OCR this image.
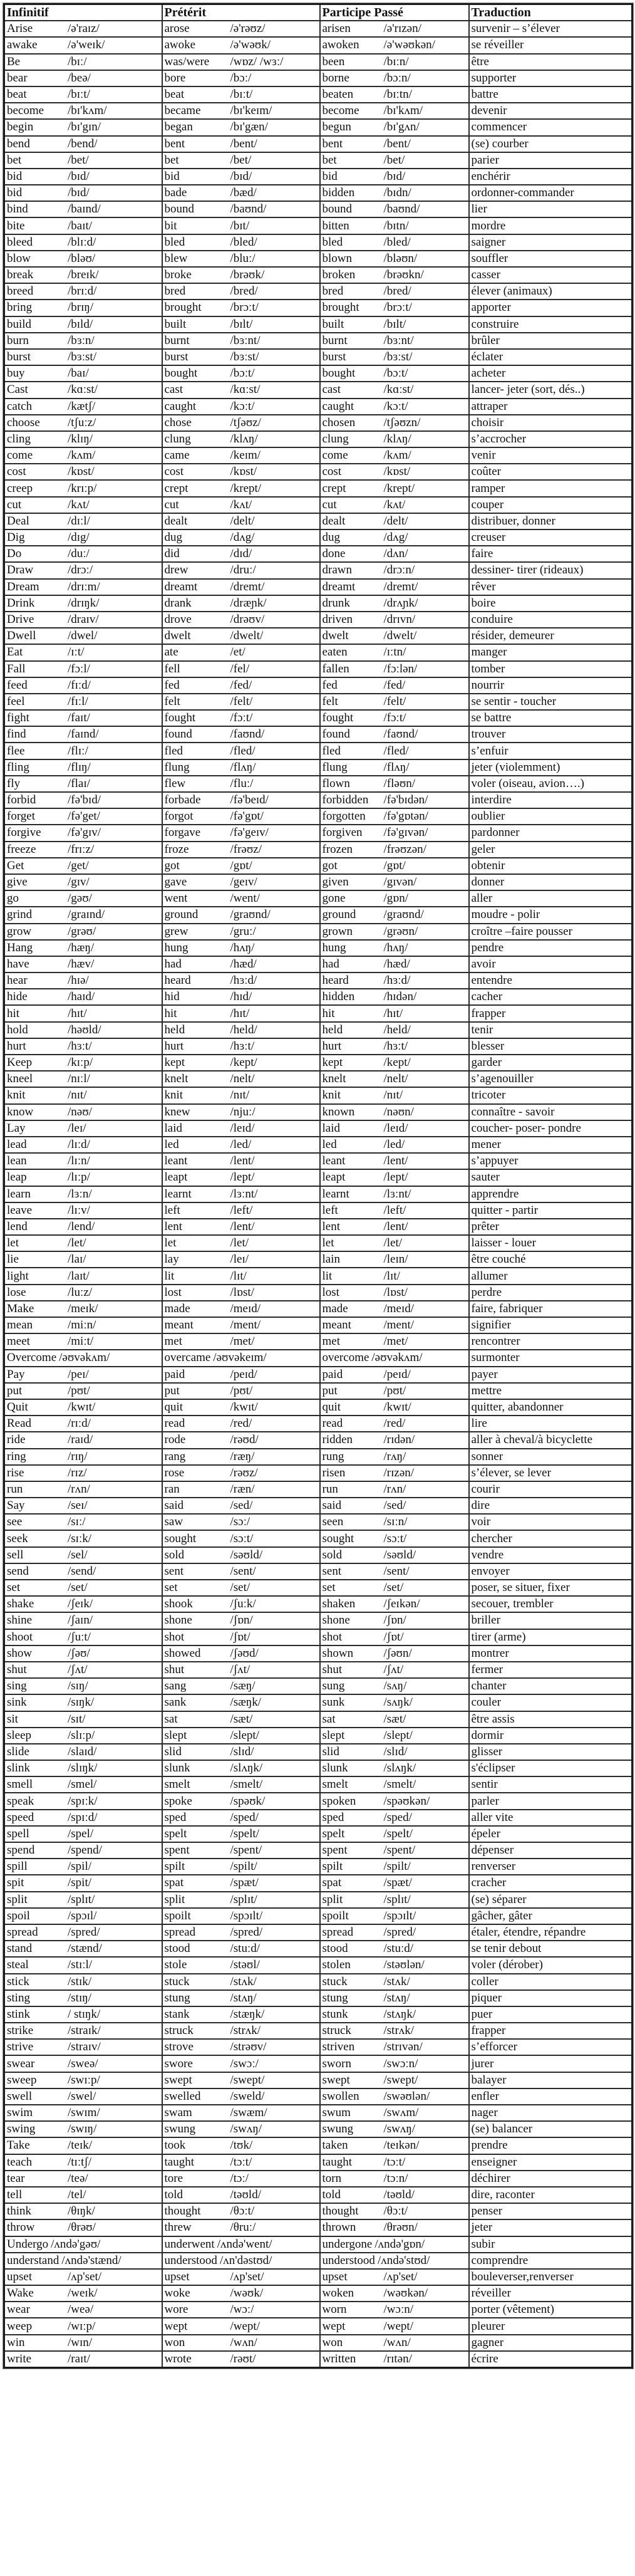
Infinitif	Prétérit	Participe Passé	Traduction

Arise /ə'raɪz/	arose /ə'rəʊz/	arisen /ə'rɪzən/	survenir – s’élever

awake /ə'weɪk/	awoke /ə'wəʊk/	awoken /ə'wəʊkən/	se réveiller

Be /bɪː/	was/were /wɒz/ /wɜː/	been /bɪːn/	être

bear /beə/	bore /bɔː/	borne /bɔːn/	supporter

beat /bɪːt/	beat /bɪːt/	beaten /bɪːtn/	battre

become /bɪ'kʌm/	became /bɪ'keɪm/	become /bɪ'kʌm/	devenir

begin /bɪ'gɪn/	began /bɪ'gæn/	begun /bɪ'gʌn/	commencer

bend /bend/	bent /bent/	bent /bent/	(se) courber

bet /bet/	bet /bet/	bet /bet/	parier

bid /bɪd/	bid /bɪd/	bid /bɪd/	enchérir

bid /bɪd/	bade /bæd/	bidden /bɪdn/	ordonner-commander

bind /baɪnd/	bound /baʊnd/	bound /baʊnd/	lier

bite /baɪt/	bit /bɪt/	bitten /bɪtn/	mordre

bleed /blɪːd/	bled /bled/	bled /bled/	saigner

blow /bləʊ/	blew /bluː/	blown /bləʊn/	souffler

break /breɪk/	broke /brəʊk/	broken /brəʊkn/	casser

breed /brɪːd/	bred /bred/	bred /bred/	élever (animaux)

bring /brɪŋ/	brought /brɔːt/	brought /brɔːt/	apporter

build /bɪld/	built /bɪlt/	built /bɪlt/	construire

burn /bɜːn/	burnt /bɜːnt/	burnt /bɜːnt/	brûler

burst /bɜːst/	burst /bɜːst/	burst /bɜːst/	éclater

buy /baɪ/	bought /bɔːt/	bought /bɔːt/	acheter

Cast /kɑːst/	cast /kɑːst/	cast /kɑːst/	lancer- jeter (sort, dés..)

catch /kætʃ/	caught /kɔːt/	caught /kɔːt/	attraper

choose /tʃuːz/	chose /tʃəʊz/	chosen /tʃəʊzn/	choisir

cling /klɪŋ/	clung /klʌŋ/	clung /klʌŋ/	s’accrocher

come /kʌm/	came /keɪm/	come /kʌm/	venir

cost /kɒst/	cost /kɒst/	cost /kɒst/	coûter

creep /krɪːp/	crept /krept/	crept /krept/	ramper

cut /kʌt/	cut /kʌt/	cut /kʌt/	couper

Deal /dɪːl/	dealt /delt/	dealt /delt/	distribuer, donner

Dig /dɪg/	dug /dʌg/	dug /dʌg/	creuser

Do /duː/	did /dɪd/	done /dʌn/	faire

Draw /drɔː/	drew /druː/	drawn /drɔːn/	dessiner- tirer (rideaux)

Dream /drɪːm/	dreamt /dremt/	dreamt /dremt/	rêver

Drink /drɪŋk/	drank /dræɲk/	drunk /drʌɲk/	boire

Drive /draɪv/	drove /drəʊv/	driven /drɪvn/	conduire

Dwell /dwel/	dwelt /dwelt/	dwelt /dwelt/	résider, demeurer

Eat /ɪːt/	ate /et/	eaten /ɪːtn/	manger

Fall /fɔːl/	fell /fel/	fallen /fɔːlən/	tomber

feed /fɪːd/	fed /fed/	fed /fed/	nourrir

feel /fɪːl/	felt /felt/	felt /felt/	se sentir - toucher

fight /faɪt/	fought /fɔːt/	fought /fɔːt/	se battre

find /faɪnd/	found /faʊnd/	found /faʊnd/	trouver

flee /flɪː/	fled /fled/	fled /fled/	s’enfuir

fling /flɪŋ/	flung /flʌŋ/	flung /flʌŋ/	jeter (violemment)

fly /flaɪ/	flew /fluː/	flown /fləʊn/	voler (oiseau, avion….)

forbid /fə'bɪd/	forbade /fə'beɪd/	forbidden /fə'bɪdən/	interdire

forget /fə'get/	forgot /fə'gɒt/	forgotten /fə'gɒtən/	oublier

forgive /fə'gɪv/	forgave /fə'geɪv/	forgiven /fə'gɪvən/	pardonner

freeze /frɪːz/	froze /frəʊz/	frozen /frəʊzən/	geler

Get /get/	got /gɒt/	got /gɒt/	obtenir

give /gɪv/	gave /geɪv/	given /gɪvən/	donner

go /gəʊ/	went /went/	gone /gɒn/	aller

grind /graɪnd/	ground /graʊnd/	ground /graʊnd/	moudre - polir

grow /grəʊ/	grew /gruː/	grown /grəʊn/	croître –faire pousser

Hang /hæŋ/	hung /hʌŋ/	hung /hʌŋ/	pendre

have /hæv/	had /hæd/	had /hæd/	avoir

hear /hɪə/	heard /hɜːd/	heard /hɜːd/	entendre

hide /haɪd/	hid /hɪd/	hidden /hɪdən/	cacher

hit /hɪt/	hit /hɪt/	hit /hɪt/	frapper

hold /həʊld/	held /held/	held /held/	tenir

hurt /hɜːt/	hurt /hɜːt/	hurt /hɜːt/	blesser

Keep /kɪːp/	kept /kept/	kept /kept/	garder

kneel /nɪːl/	knelt /nelt/	knelt /nelt/	s’agenouiller

knit /nɪt/	knit /nɪt/	knit /nɪt/	tricoter

know /nəʊ/	knew /njuː/	known /nəʊn/	connaître - savoir

Lay /leɪ/	laid /leɪd/	laid /leɪd/	coucher- poser- pondre

lead /lɪːd/	led /led/	led /led/	mener

lean /lɪːn/	leant /lent/	leant /lent/	s’appuyer

leap /lɪːp/	leapt /lept/	leapt /lept/	sauter

learn /lɜːn/	learnt /lɜːnt/	learnt /lɜːnt/	apprendre

leave /lɪːv/	left /left/	left /left/	quitter - partir

lend /lend/	lent /lent/	lent /lent/	prêter

let /let/	let /let/	let /let/	laisser - louer

lie /laɪ/	lay /leɪ/	lain /leɪn/	être couché

light /laɪt/	lit /lɪt/	lit /lɪt/	allumer

lose /luːz/	lost /lɒst/	lost /lɒst/	perdre

Make /meɪk/	made /meɪd/	made /meɪd/	faire, fabriquer

mean /miːn/	meant /ment/	meant /ment/	signifier

meet /miːt/	met /met/	met /met/	rencontrer

Overcome /əʊvəkʌm/	overcame /əʊvəkeɪm/	overcome /əʊvəkʌm/	surmonter

Pay /peɪ/	paid /peɪd/	paid /peɪd/	payer

put /pʊt/	put /pʊt/	put /pʊt/	mettre

Quit /kwɪt/	quit /kwɪt/	quit /kwɪt/	quitter, abandonner

Read /rɪːd/	read /red/	read /red/	lire

ride /raɪd/	rode /rəʊd/	ridden /rɪdən/	aller à cheval/à bicyclette

ring /rɪŋ/	rang /ræŋ/	rung /rʌŋ/	sonner

rise /rɪz/	rose /rəʊz/	risen /rɪzən/	s’élever, se lever

run /rʌn/	ran /ræn/	run /rʌn/	courir

Say /seɪ/	said /sed/	said /sed/	dire

see /sɪː/	saw /sɔː/	seen /sɪːn/	voir

seek /sɪːk/	sought /sɔːt/	sought /sɔːt/	chercher

sell /sel/	sold /səʊld/	sold /səʊld/	vendre

send /send/	sent /sent/	sent /sent/	envoyer

set /set/	set /set/	set /set/	poser, se situer, fixer

shake /ʃeɪk/	shook /ʃuːk/	shaken /ʃeɪkən/	secouer, trembler

shine /ʃaɪn/	shone /ʃɒn/	shone /ʃɒn/	briller

shoot /ʃuːt/	shot /ʃɒt/	shot /ʃɒt/	tirer (arme)

show /ʃəʊ/	showed /ʃəʊd/	shown /ʃəʊn/	montrer

shut /ʃʌt/	shut /ʃʌt/	shut /ʃʌt/	fermer

sing /sɪŋ/	sang /sæŋ/	sung /sʌŋ/	chanter

sink /sɪŋk/	sank /sæŋk/	sunk /sʌŋk/	couler

sit /sɪt/	sat /sæt/	sat /sæt/	être assis

sleep /slɪːp/	slept /slept/	slept /slept/	dormir

slide /slaɪd/	slid /slɪd/	slid /slɪd/	glisser

slink /slɪŋk/	slunk /slʌŋk/	slunk /slʌŋk/	s'éclipser

smell /smel/	smelt /smelt/	smelt /smelt/	sentir

speak /spɪːk/	spoke /spəʊk/	spoken /spəʊkən/	parler

speed /spɪːd/	sped /sped/	sped /sped/	aller vite

spell /spel/	spelt /spelt/	spelt /spelt/	épeler

spend /spend/	spent /spent/	spent /spent/	dépenser

spill /spil/	spilt /spilt/	spilt /spilt/	renverser

spit /spit/	spat /spæt/	spat /spæt/	cracher

split /splɪt/	split /splɪt/	split /splɪt/	(se) séparer

spoil /spɔɪl/	spoilt /spɔɪlt/	spoilt /spɔɪlt/	gâcher, gâter

spread /spred/	spread /spred/	spread /spred/	étaler, étendre, répandre

stand /stænd/	stood /stuːd/	stood /stuːd/	se tenir debout

steal /stɪːl/	stole /stəʊl/	stolen /stəʊlən/	voler (dérober)

stick /stɪk/	stuck /stʌk/	stuck /stʌk/	coller

sting /stɪŋ/	stung /stʌŋ/	stung /stʌŋ/	piquer

stink / stɪŋk/	stank /stæŋk/	stunk /stʌŋk/	puer

strike /straɪk/	struck /strʌk/	struck /strʌk/	frapper

strive /straɪv/	strove /strəʊv/	striven /strɪvən/	s’efforcer

swear /sweə/	swore /swɔː/	sworn /swɔːn/	jurer

sweep /swɪːp/	swept /swept/	swept /swept/	balayer

swell /swel/	swelled /sweld/	swollen /swəʊlən/	enfler

swim /swɪm/	swam /swæm/	swum /swʌm/	nager

swing /swɪŋ/	swung /swʌŋ/	swung /swʌŋ/	(se) balancer

Take /teɪk/	took /tʊk/	taken /teɪkən/	prendre

teach /tɪːtʃ/	taught /tɔːt/	taught /tɔːt/	enseigner

tear /teə/	tore /tɔː/	torn /tɔːn/	déchirer

tell /tel/	told /təʊld/	told /təʊld/	dire, raconter

think /θɪŋk/	thought /θɔːt/	thought /θɔːt/	penser

throw /θrəʊ/	threw /θruː/	thrown /θrəʊn/	jeter

Undergo /ʌndə'gəʊ/	underwent /ʌndə'went/	undergone /ʌndə'gɒn/	subir

understand /ʌndə'stænd/	understood /ʌn'dəstʊd/	understood /ʌndə'stʊd/	comprendre

upset /ʌp'set/	upset /ʌp'set/	upset /ʌp'set/	bouleverser,renverser

Wake /weɪk/	woke /wəʊk/	woken /wəʊkən/	réveiller

wear /weə/	wore /wɔː/	worn /wɔːn/	porter (vêtement)

weep /wɪːp/	wept /wept/	wept /wept/	pleurer

win /wɪn/	won /wʌn/	won /wʌn/	gagner

write /raɪt/	wrote /rəʊt/	written /rɪtən/	écrire
